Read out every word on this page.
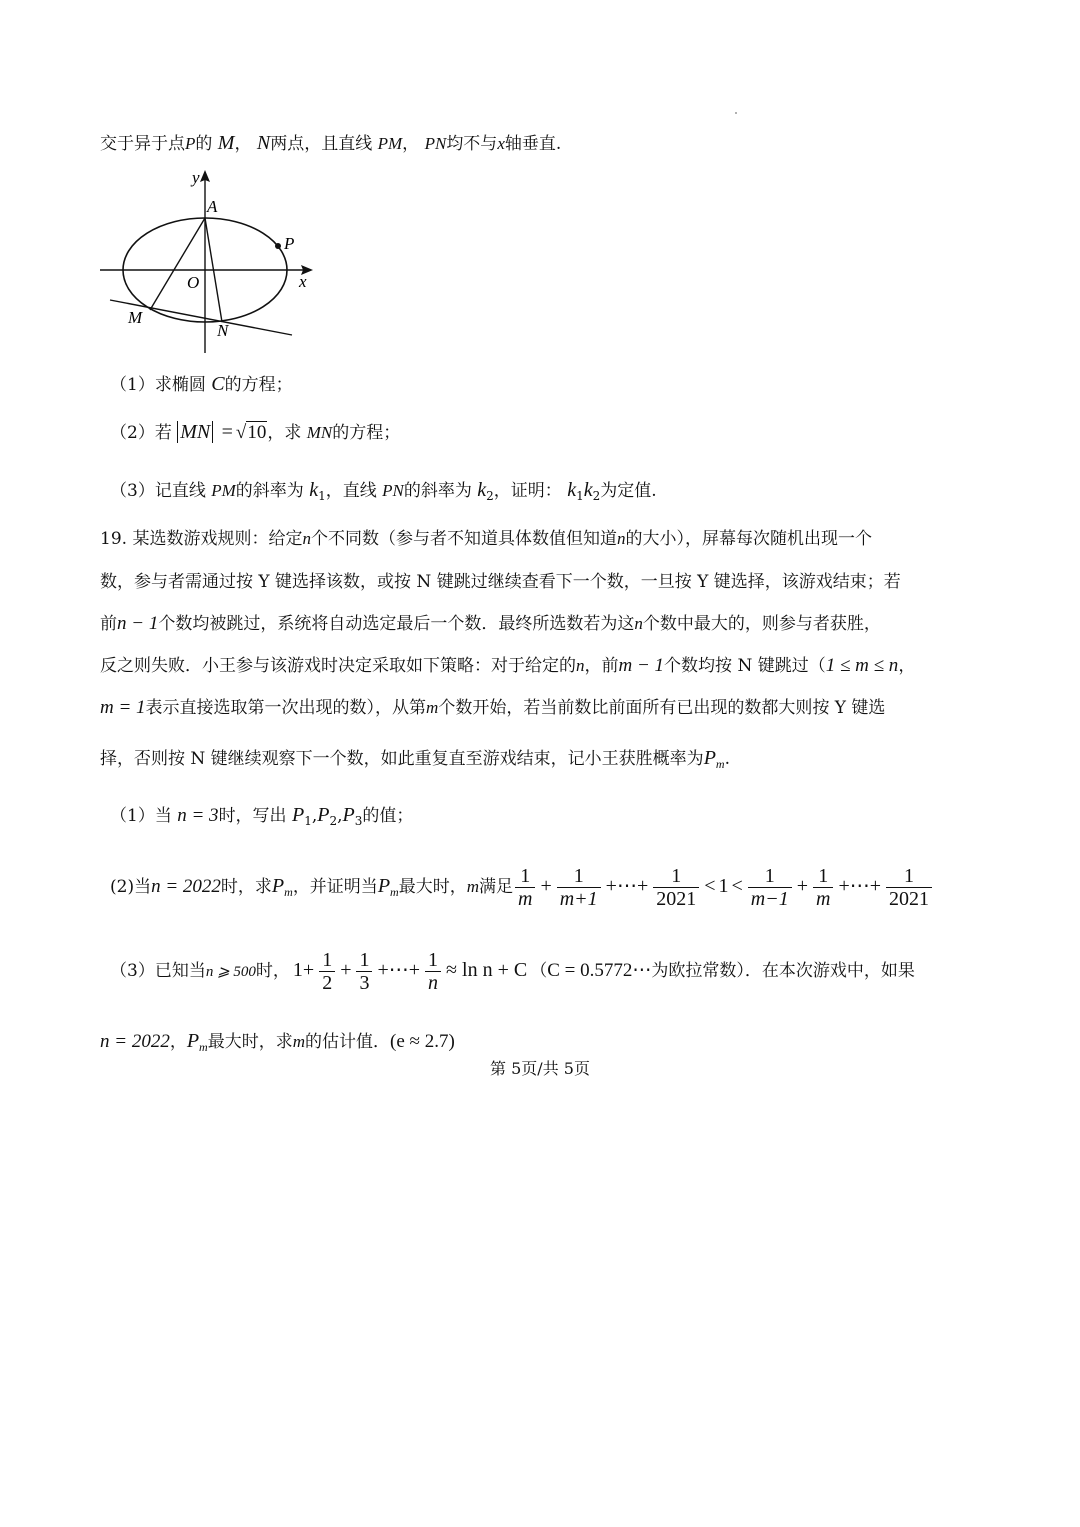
交于异于点P的 M， N两点，且直线 PM， PN均不与x轴垂直.
y
A
P
O	x
M
N
（1）求椭圆 C的方程；
（2）若 MN = √10，求 MN的方程；
（3）记直线 PM的斜率为 $k_1$，直线 PN的斜率为 $k_2$，证明： $k_1k_2$为定值.
19. 某选数游戏规则：给定n个不同数（参与者不知道具体数值但知道n的大小），屏幕每次随机出现一个
数，参与者需通过按 Y 键选择该数，或按 N 键跳过继续查看下一个数，一旦按 Y 键选择，该游戏结束；若
前n − 1个数均被跳过，系统将自动选定最后一个数．最终所选数若为这n个数中最大的，则参与者获胜，
反之则失败．小王参与该游戏时决定采取如下策略：对于给定的n，前m − 1个数均按 N 键跳过（1 ≤ m ≤ n，
m = 1表示直接选取第一次出现的数），从第m个数开始，若当前数比前面所有已出现的数都大则按 Y 键选
择，否则按 N 键继续观察下一个数，如此重复直至游戏结束，记小王获胜概率为$P_m$.
（1）当 n = 3时，写出 $P_1,P_2,P_3$的值；
(2)当n = 2022时，求$P_m$，并证明当$P_m$最大时，m满足 $\frac{1}{m} + \frac{1}{m+1}$ +⋯+ $\frac{1}{2021} < 1 < \frac{1}{m-1} + \frac{1}{m}$ +⋯+ $\frac{1}{2021}$
（3）已知当n ⩾ 500时， $1+ \frac{1}{2} + \frac{1}{3}$ +⋯+ $\frac{1}{n} \approx \ln n + C$ （C = 0.5772⋯为欧拉常数）．在本次游戏中，如果
n = 2022，$P_m$最大时，求m的估计值．(e ≈ 2.7)
第 5页/共 5页
